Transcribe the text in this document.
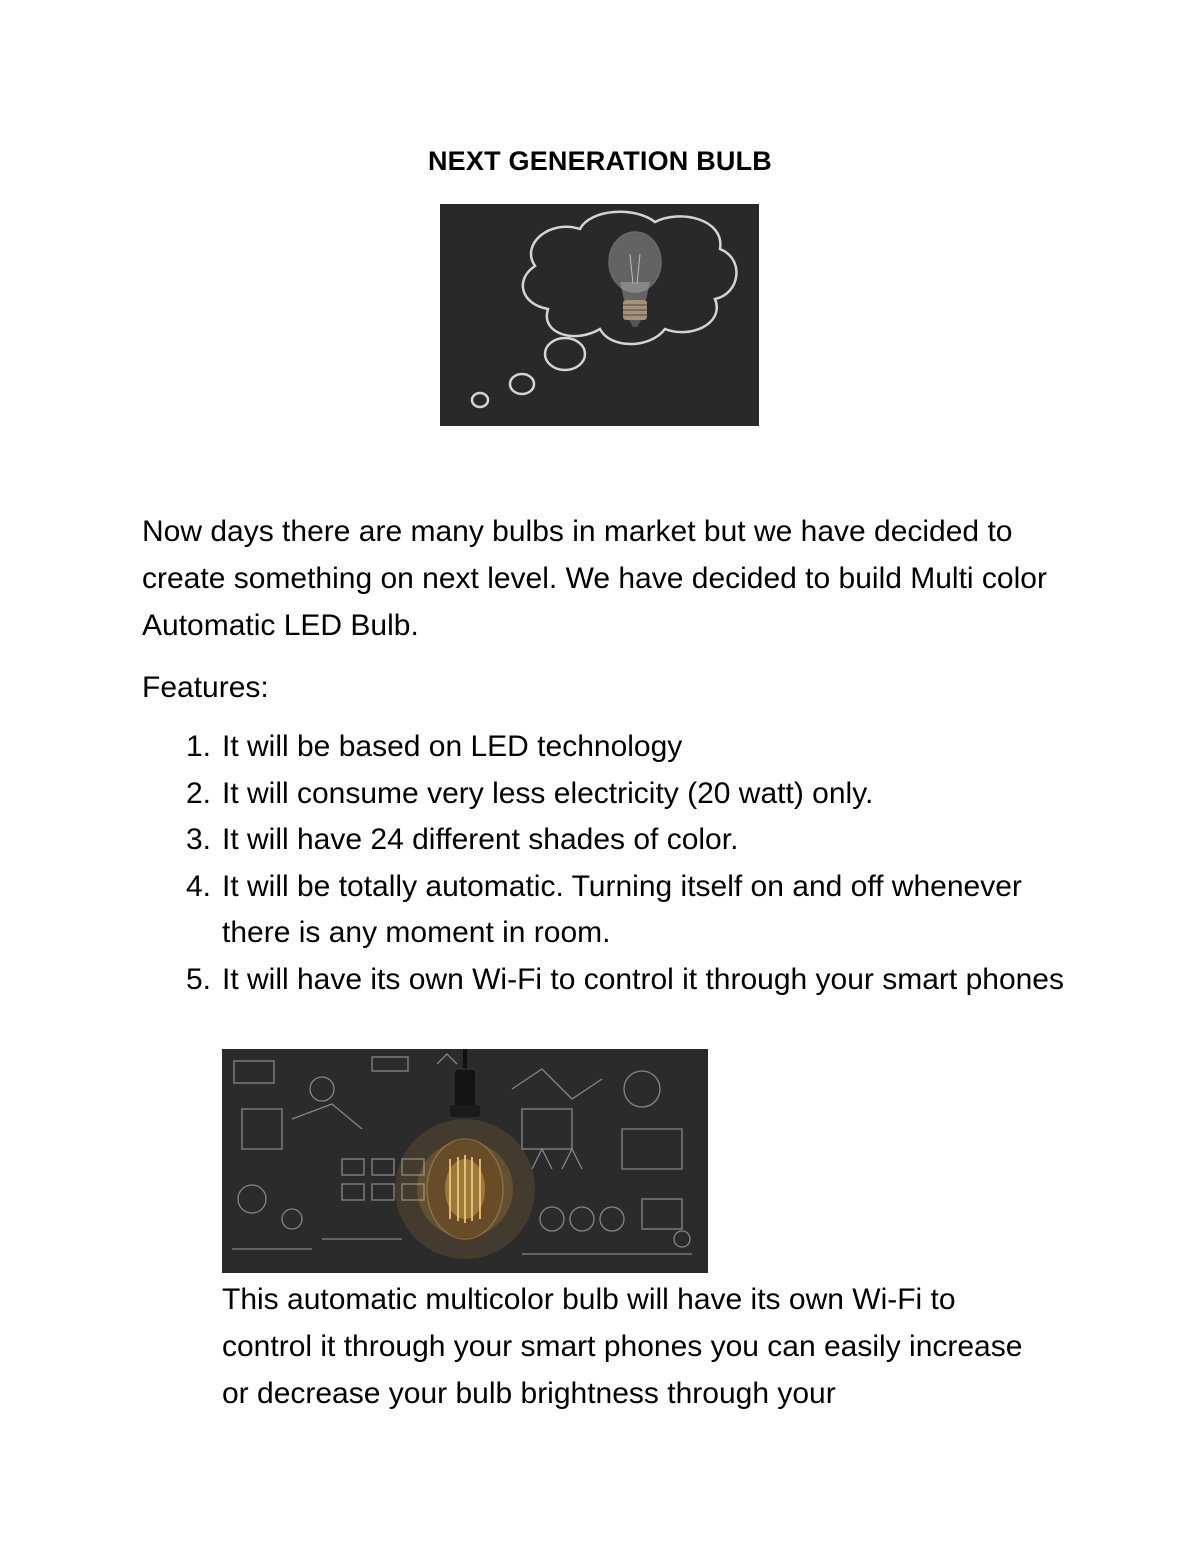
NEXT GENERATION BULB

Now days there are many bulbs in market but we have decided to create something on next level. We have decided to build Multi color Automatic LED Bulb.

Features:

1. It will be based on LED technology
2. It will consume very less electricity (20 watt) only.
3. It will have 24 different shades of color.
4. It will be totally automatic. Turning itself on and off whenever there is any moment in room.
5. It will have its own Wi-Fi to control it through your smart phones

This automatic multicolor bulb will have its own Wi-Fi to control it through your smart phones you can easily increase or decrease your bulb brightness through your
